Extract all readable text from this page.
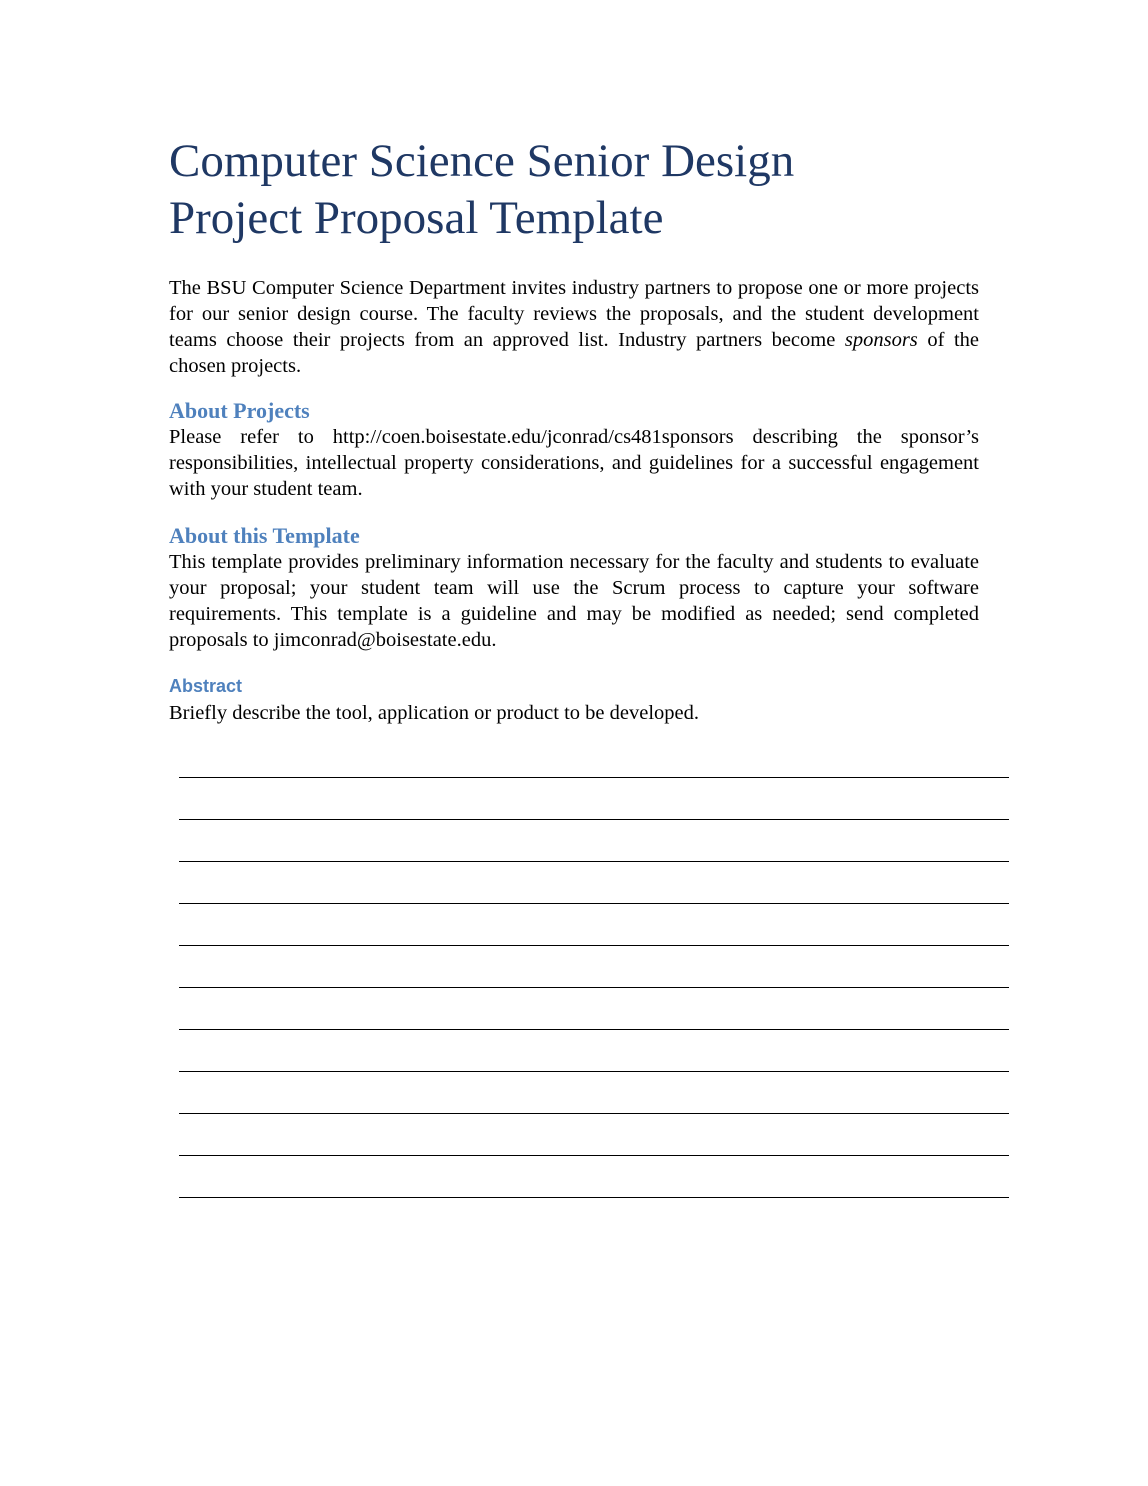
Computer Science Senior Design
Project Proposal Template

The BSU Computer Science Department invites industry partners to propose one or more projects for our senior design course. The faculty reviews the proposals, and the student development teams choose their projects from an approved list. Industry partners become sponsors of the chosen projects.

About Projects

Please refer to http://coen.boisestate.edu/jconrad/cs481sponsors describing the sponsor’s responsibilities, intellectual property considerations, and guidelines for a successful engagement with your student team.

About this Template

This template provides preliminary information necessary for the faculty and students to evaluate your proposal; your student team will use the Scrum process to capture your software requirements. This template is a guideline and may be modified as needed; send completed proposals to jimconrad@boisestate.edu.

Abstract

Briefly describe the tool, application or product to be developed.
